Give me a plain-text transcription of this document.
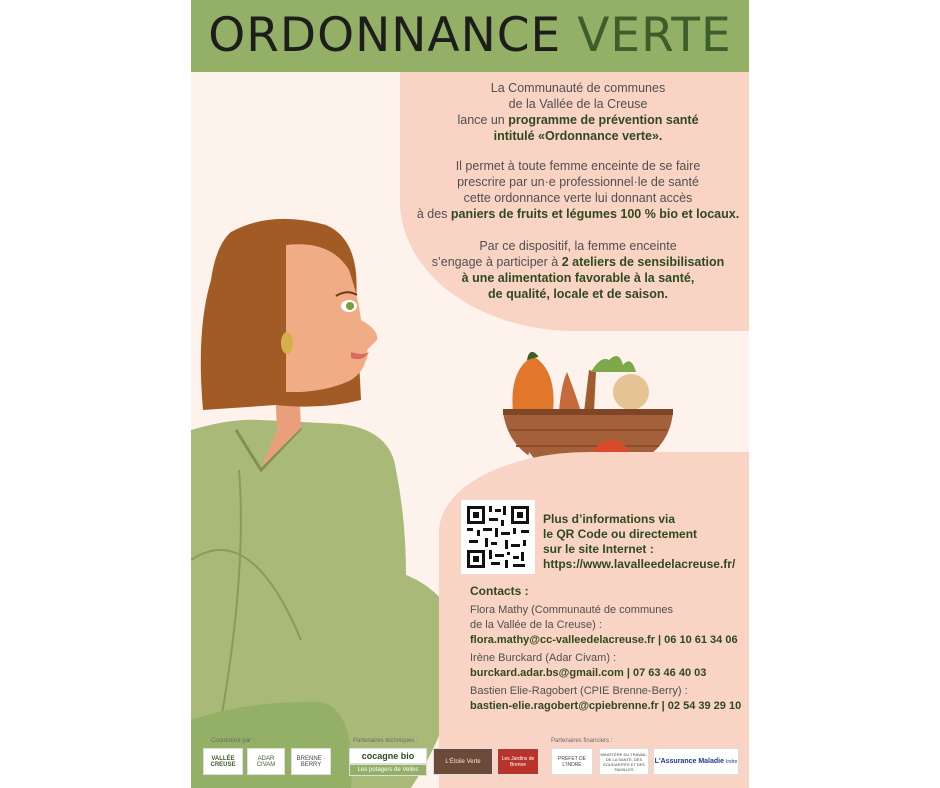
ORDONNANCE VERTE
La Communauté de communes
de la Vallée de la Creuse
lance un programme de prévention santé
intitulé «Ordonnance verte».
Il permet à toute femme enceinte de se faire
prescrire par un·e professionnel·le de santé
cette ordonnance verte lui donnant accès
à des paniers de fruits et légumes 100 % bio et locaux.
Par ce dispositif, la femme enceinte
s’engage à participer à 2 ateliers de sensibilisation
à une alimentation favorable à la santé,
de qualité, locale et de saison.
Plus d’informations via
le QR Code ou directement
sur le site Internet :
https://www.lavalleedelacreuse.fr/
Contacts :
Flora Mathy (Communauté de communes
de la Vallée de la Creuse) :
flora.mathy@cc-valleedelacreuse.fr | 06 10 61 34 06
Irène Burckard (Adar Civam) :
burckard.adar.bs@gmail.com | 07 63 46 40 03
Bastien Elie-Ragobert (CPIE Brenne-Berry) :
bastien-elie.ragobert@cpiebrenne.fr | 02 54 39 29 10
Coordonné par :	Partenaires techniques :	Partenaires financiers :
VALLÉE CREUSE
ADAR CIVAM
BRENNE · BERRY
cocagne bio
Les potagers de Velles
L'Étoile Verte	Les Jardins de Brenne
PRÉFET DE L'INDRE
MINISTÈRE DU TRAVAIL, DE LA SANTÉ, DES SOLIDARITÉS ET DES FAMILLES
L'Assurance Maladie
Indre
